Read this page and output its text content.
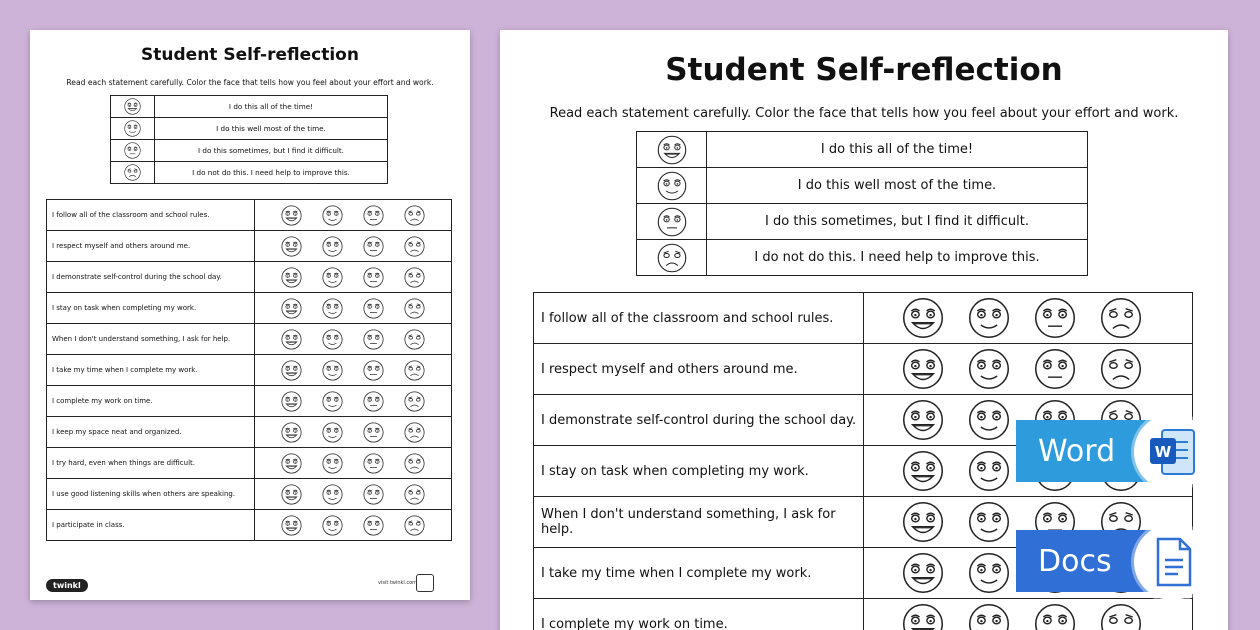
Student Self-reflection
Read each statement carefully. Color the face that tells how you feel about your effort and work.
	I do this all of the time!
	I do this well most of the time.
	I do this sometimes, but I find it difficult.
	I do not do this. I need help to improve this.
I follow all of the classroom and school rules.	
I respect myself and others around me.	
I demonstrate self-control during the school day.	
I stay on task when completing my work.	
When I don't understand something, I ask for help.	
I take my time when I complete my work.	
I complete my work on time.	
I keep my space neat and organized.	
I try hard, even when things are difficult.	
I use good listening skills when others are speaking.	
I participate in class.	
twinkl	visit twinkl.com
Student Self-reflection
Read each statement carefully. Color the face that tells how you feel about your effort and work.
	I do this all of the time!
	I do this well most of the time.
	I do this sometimes, but I find it difficult.
	I do not do this. I need help to improve this.
I follow all of the classroom and school rules.	
I respect myself and others around me.	
I demonstrate self-control during the school day.	
I stay on task when completing my work.	
When I don't understand something, I ask for help.	
I take my time when I complete my work.	
I complete my work on time.	
Word	W
Docs
